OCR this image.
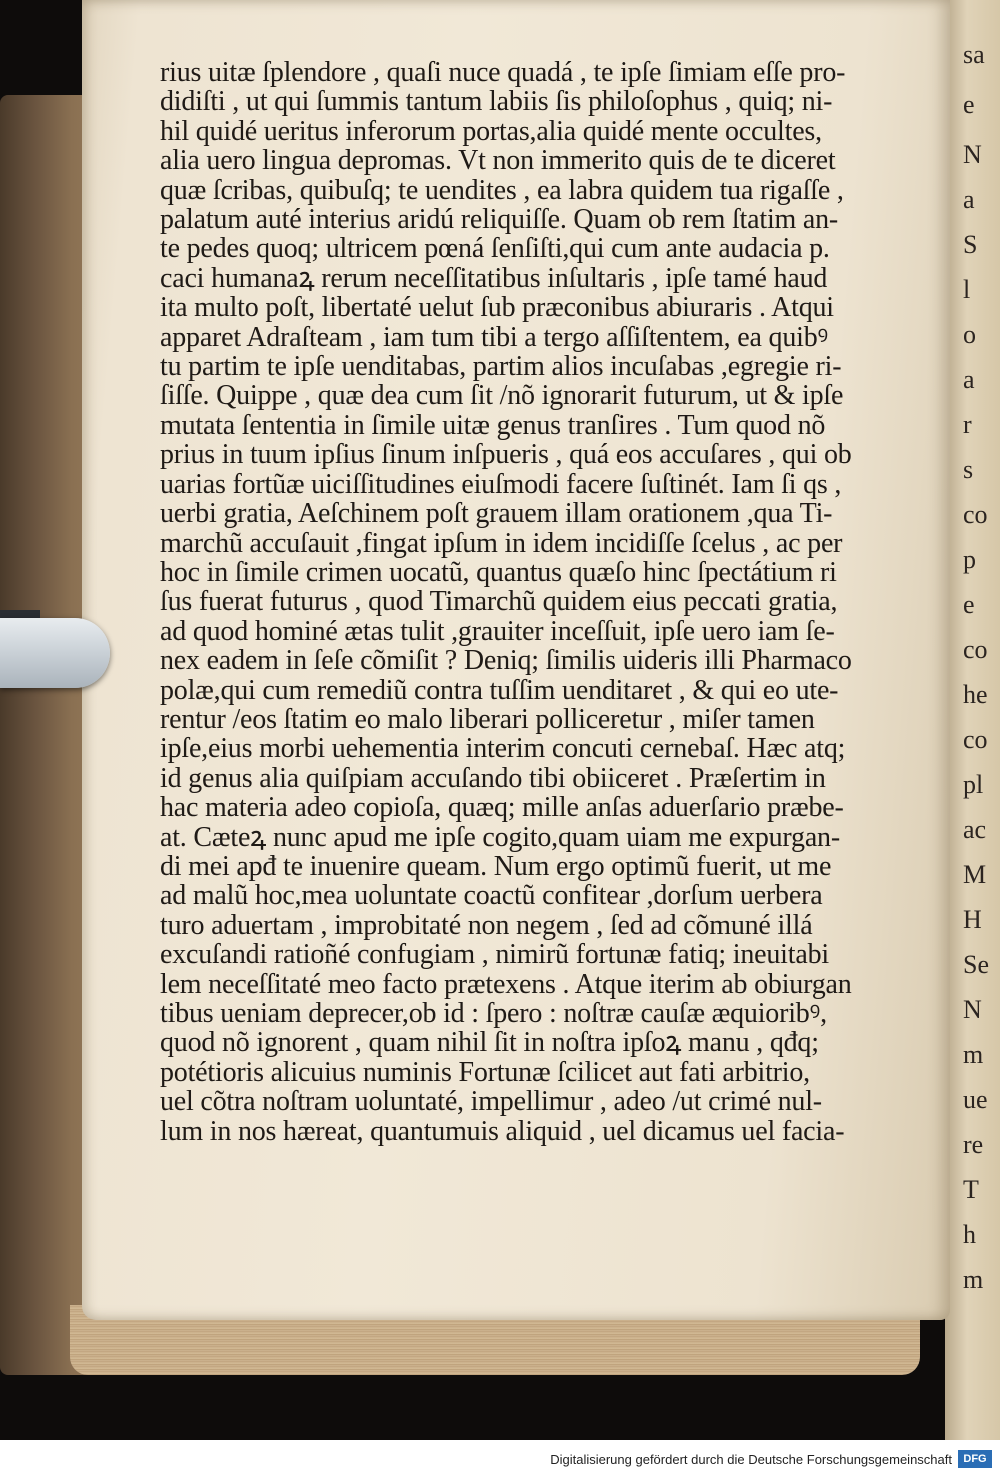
sa
e
N
a
S
l
o
a
r
s
co
p
e
co
he
co
pl
ac
M
H
Se
N
m
ue
re
T
h
m
rius uitæ ſplendore , quaſi nuce quadá , te ipſe ſimiam eſſe pro-
didiſti , ut qui ſummis tantum labiis ſis philoſophus , quiq; ni-
hil quidé ueritus inferorum portas,alia quidé mente occultes,
alia uero lingua depromas. Vt non immerito quis de te diceret
quæ ſcribas, quibuſq; te uendites , ea labra quidem tua rigaſſe ,
palatum auté interius aridú reliquiſſe. Quam ob rem ſtatim an-
te pedes quoq; ultricem pœná ſenſiſti,qui cum ante audacia p.
caci humanaꝝ rerum neceſſitatibus inſultaris , ipſe tamé haud
ita multo poſt, libertaté uelut ſub præconibus abiuraris . Atqui
apparet Adraſteam , iam tum tibi a tergo aſſiſtentem, ea quibꝰ
tu partim te ipſe uenditabas, partim alios incuſabas ,egregie ri-
ſiſſe. Quippe , quæ dea cum ſit /nõ ignorarit futurum, ut & ipſe
mutata ſententia in ſimile uitæ genus tranſires . Tum quod nõ
prius in tuum ipſius ſinum inſpueris , quá eos accuſares , qui ob
uarias fortũæ uiciſſitudines eiuſmodi facere ſuſtinét. Iam ſi qs ,
uerbi gratia, Aeſchinem poſt grauem illam orationem ,qua Ti-
marchũ accuſauit ,fingat ipſum in idem incidiſſe ſcelus , ac per
hoc in ſimile crimen uocatũ, quantus quæſo hinc ſpectátium ri
ſus fuerat futurus , quod Timarchũ quidem eius peccati gratia,
ad quod hominé ætas tulit ,grauiter inceſſuit, ipſe uero iam ſe-
nex eadem in ſeſe cõmiſit ? Deniq; ſimilis uideris illi Pharmaco
polæ,qui cum remediũ contra tuſſim uenditaret , & qui eo ute-
rentur /eos ſtatim eo malo liberari polliceretur , miſer tamen
ipſe,eius morbi uehementia interim concuti cernebaſ. Hæc atq;
id genus alia quiſpiam accuſando tibi obiiceret . Præſertim in
hac materia adeo copioſa, quæq; mille anſas aduerſario præbe-
at. Cæteꝝ nunc apud me ipſe cogito,quam uiam me expurgan-
di mei apđ te inuenire queam. Num ergo optimũ fuerit, ut me
ad malũ hoc,mea uoluntate coactũ confitear ,dorſum uerbera
turo aduertam , improbitaté non negem , ſed ad cõmuné illá
excuſandi ratioñé confugiam , nimirũ fortunæ fatiq; ineuitabi
lem neceſſitaté meo facto prætexens . Atque iterim ab obiurgan
tibus ueniam deprecer,ob id : ſpero : noſtræ cauſæ æquioribꝰ,
quod nõ ignorent , quam nihil ſit in noſtra ipſoꝝ manu , qđq;
potétioris alicuius numinis Fortunæ ſcilicet aut fati arbitrio,
uel cõtra noſtram uoluntaté, impellimur , adeo /ut crimé nul-
lum in nos hæreat, quantumuis aliquid , uel dicamus uel facia-
Digitalisierung gefördert durch die Deutsche Forschungsgemeinschaft	DFG
